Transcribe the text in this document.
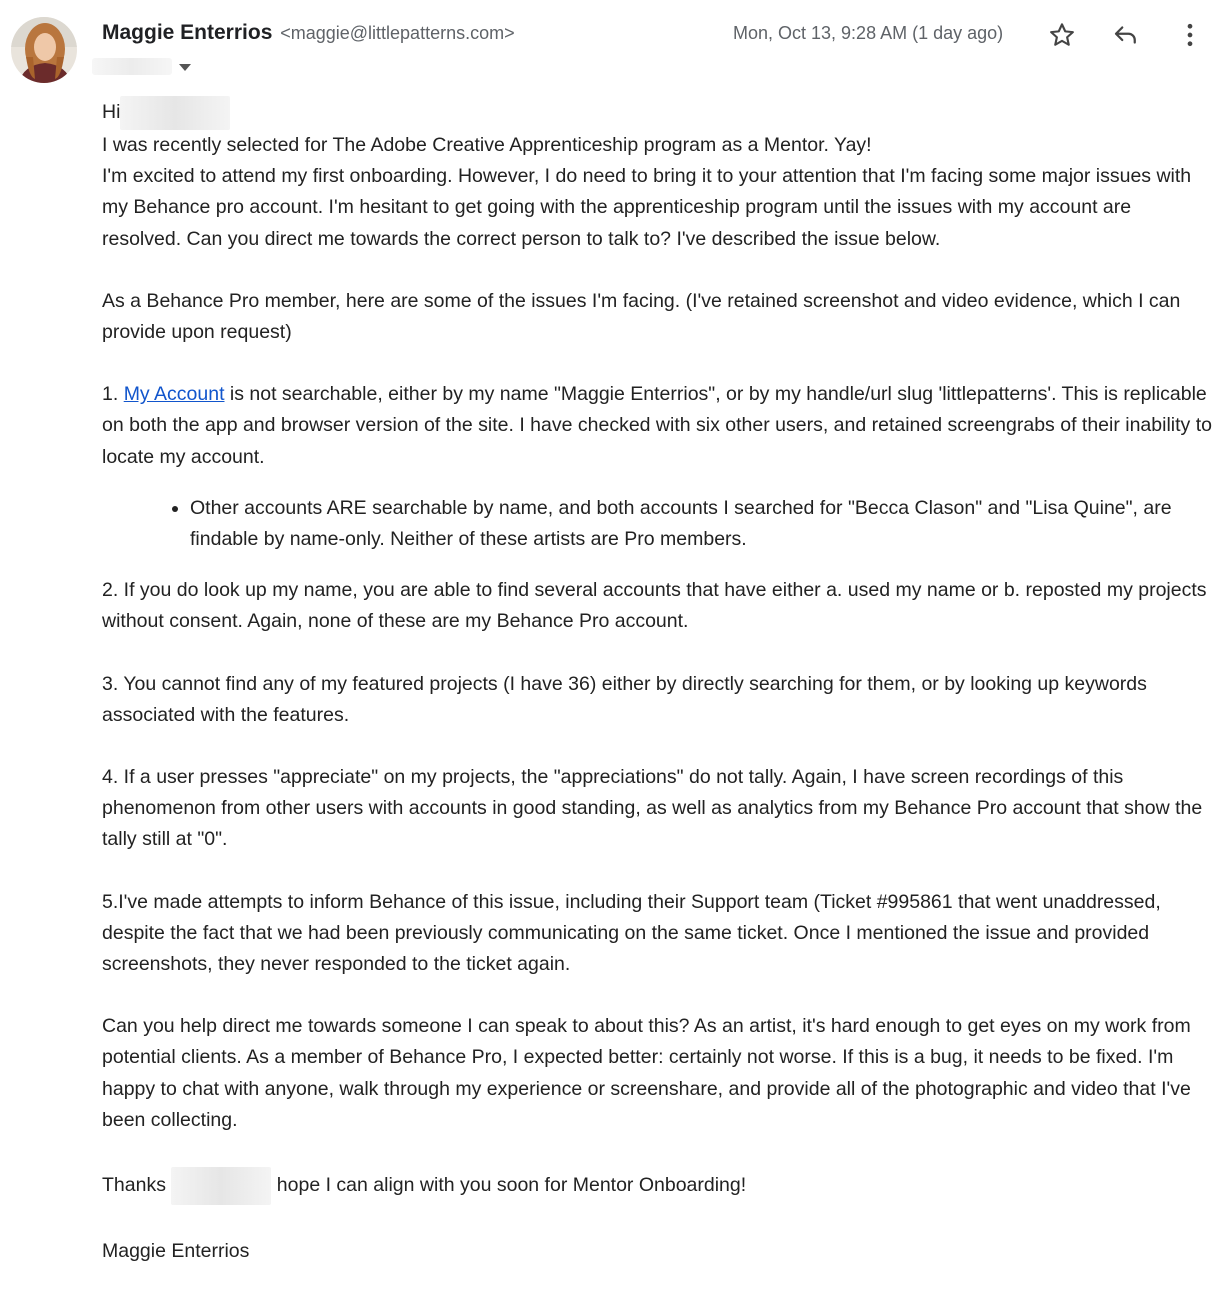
Maggie Enterrios <maggie@littlepatterns.com>	Mon, Oct 13, 9:28 AM (1 day ago)

Hi

I was recently selected for The Adobe Creative Apprenticeship program as a Mentor. Yay!

I'm excited to attend my first onboarding. However, I do need to bring it to your attention that I'm facing some major issues with my Behance pro account. I'm hesitant to get going with the apprenticeship program until the issues with my account are resolved. Can you direct me towards the correct person to talk to? I've described the issue below.

As a Behance Pro member, here are some of the issues I'm facing. (I've retained screenshot and video evidence, which I can provide upon request)

1. My Account is not searchable, either by my name "Maggie Enterrios", or by my handle/url slug 'littlepatterns'. This is replicable on both the app and browser version of the site. I have checked with six other users, and retained screengrabs of their inability to locate my account.

• Other accounts ARE searchable by name, and both accounts I searched for "Becca Clason" and "Lisa Quine", are findable by name-only. Neither of these artists are Pro members.

2. If you do look up my name, you are able to find several accounts that have either a. used my name or b. reposted my projects without consent. Again, none of these are my Behance Pro account.

3. You cannot find any of my featured projects (I have 36) either by directly searching for them, or by looking up keywords associated with the features.

4. If a user presses "appreciate" on my projects, the "appreciations" do not tally. Again, I have screen recordings of this phenomenon from other users with accounts in good standing, as well as analytics from my Behance Pro account that show the tally still at "0".

5.I've made attempts to inform Behance of this issue, including their Support team (Ticket #995861 that went unaddressed, despite the fact that we had been previously communicating on the same ticket. Once I mentioned the issue and provided screenshots, they never responded to the ticket again.

Can you help direct me towards someone I can speak to about this? As an artist, it's hard enough to get eyes on my work from potential clients. As a member of Behance Pro, I expected better: certainly not worse. If this is a bug, it needs to be fixed. I'm happy to chat with anyone, walk through my experience or screenshare, and provide all of the photographic and video that I've been collecting.

Thanks	hope I can align with you soon for Mentor Onboarding!

Maggie Enterrios
